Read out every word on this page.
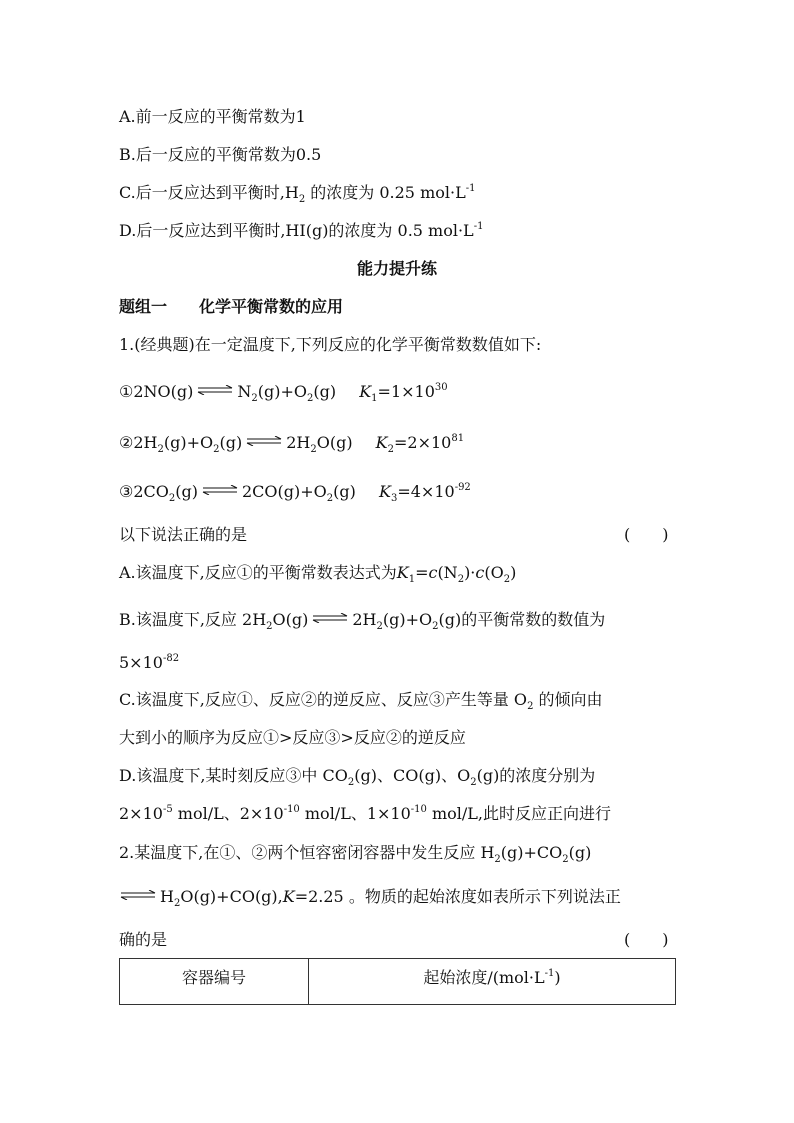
A.前一反应的平衡常数为1
B.后一反应的平衡常数为0.5
C.后一反应达到平衡时$,H_2$ 的浓度为 0.25 $mol\cdot L^{-1}$
D.后一反应达到平衡时,HI(g)的浓度为 0.5 $mol\cdot L^{-1}$
能力提升练
题组一　　化学平衡常数的应用
1.(经典题)在一定温度下,下列反应的化学平衡常数数值如下:
①2NO(g) ⇌ $N_2(g)+O_2(g)$ $K_1=1\times 10^{30}$
$②2H_2(g)+O_2(g)$ ⇌ $2H_2O(g)$ $K_2=2\times 10^{81}$
$③2CO_2(g)$ ⇌ $2CO(g)+O_2(g)$ $K_3=4\times 10^{-92}$
以下说法正确的是	(　　)
A.该温度下,反应①的平衡常数表达式为$K_1=c(N_2)\cdot c(O_2)$
B.该温度下,反应 $2H_2O(g)$ ⇌ $2H_2(g)+O_2(g)$的平衡常数的数值为
$5\times 10^{-82}$
C.该温度下,反应①、反应②的逆反应、反应③产生等量 $O_2$ 的倾向由
大到小的顺序为反应①>反应③>反应②的逆反应
D.该温度下,某时刻反应③中 $CO_2(g)$、CO(g)、$O_2(g)$的浓度分别为
$2\times 10^{-5}$ mol/L、$2\times 10^{-10}$ mol/L、$1\times 10^{-10}$ mol/L,此时反应正向进行
2.某温度下,在①、②两个恒容密闭容器中发生反应 $H_2(g)+CO_2(g)$
⇌ $H_2O(g)+CO(g),K=2.25$ 。物质的起始浓度如表所示下列说法正
确的是	(　　)
容器编号	起始浓度$/(mol\cdot L^{-1})$
